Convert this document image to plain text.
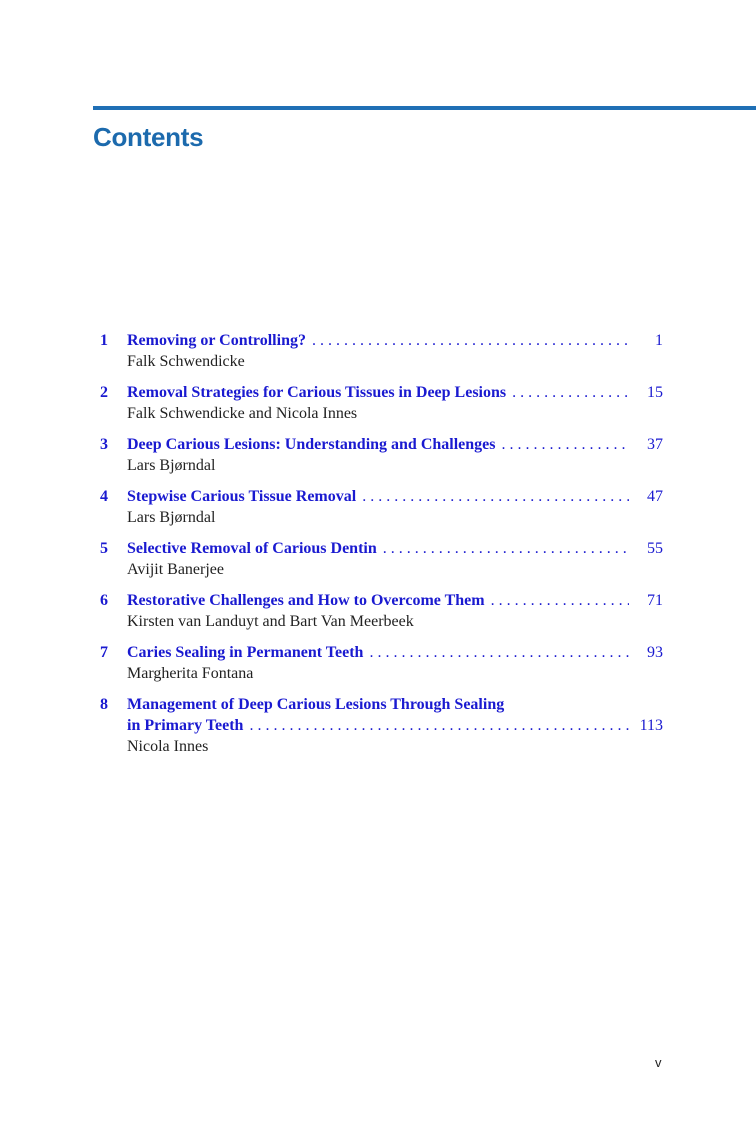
Contents
1	Removing or Controlling? . . .	1
Falk Schwendicke
2	Removal Strategies for Carious Tissues in Deep Lesions . . .	15
Falk Schwendicke and Nicola Innes
3	Deep Carious Lesions: Understanding and Challenges . . .	37
Lars Bjørndal
4	Stepwise Carious Tissue Removal . . .	47
Lars Bjørndal
5	Selective Removal of Carious Dentin . . .	55
Avijit Banerjee
6	Restorative Challenges and How to Overcome Them . . .	71
Kirsten van Landuyt and Bart Van Meerbeek
7	Caries Sealing in Permanent Teeth . . .	93
Margherita Fontana
8	Management of Deep Carious Lesions Through Sealing
in Primary Teeth . . .	113
Nicola Innes
v
